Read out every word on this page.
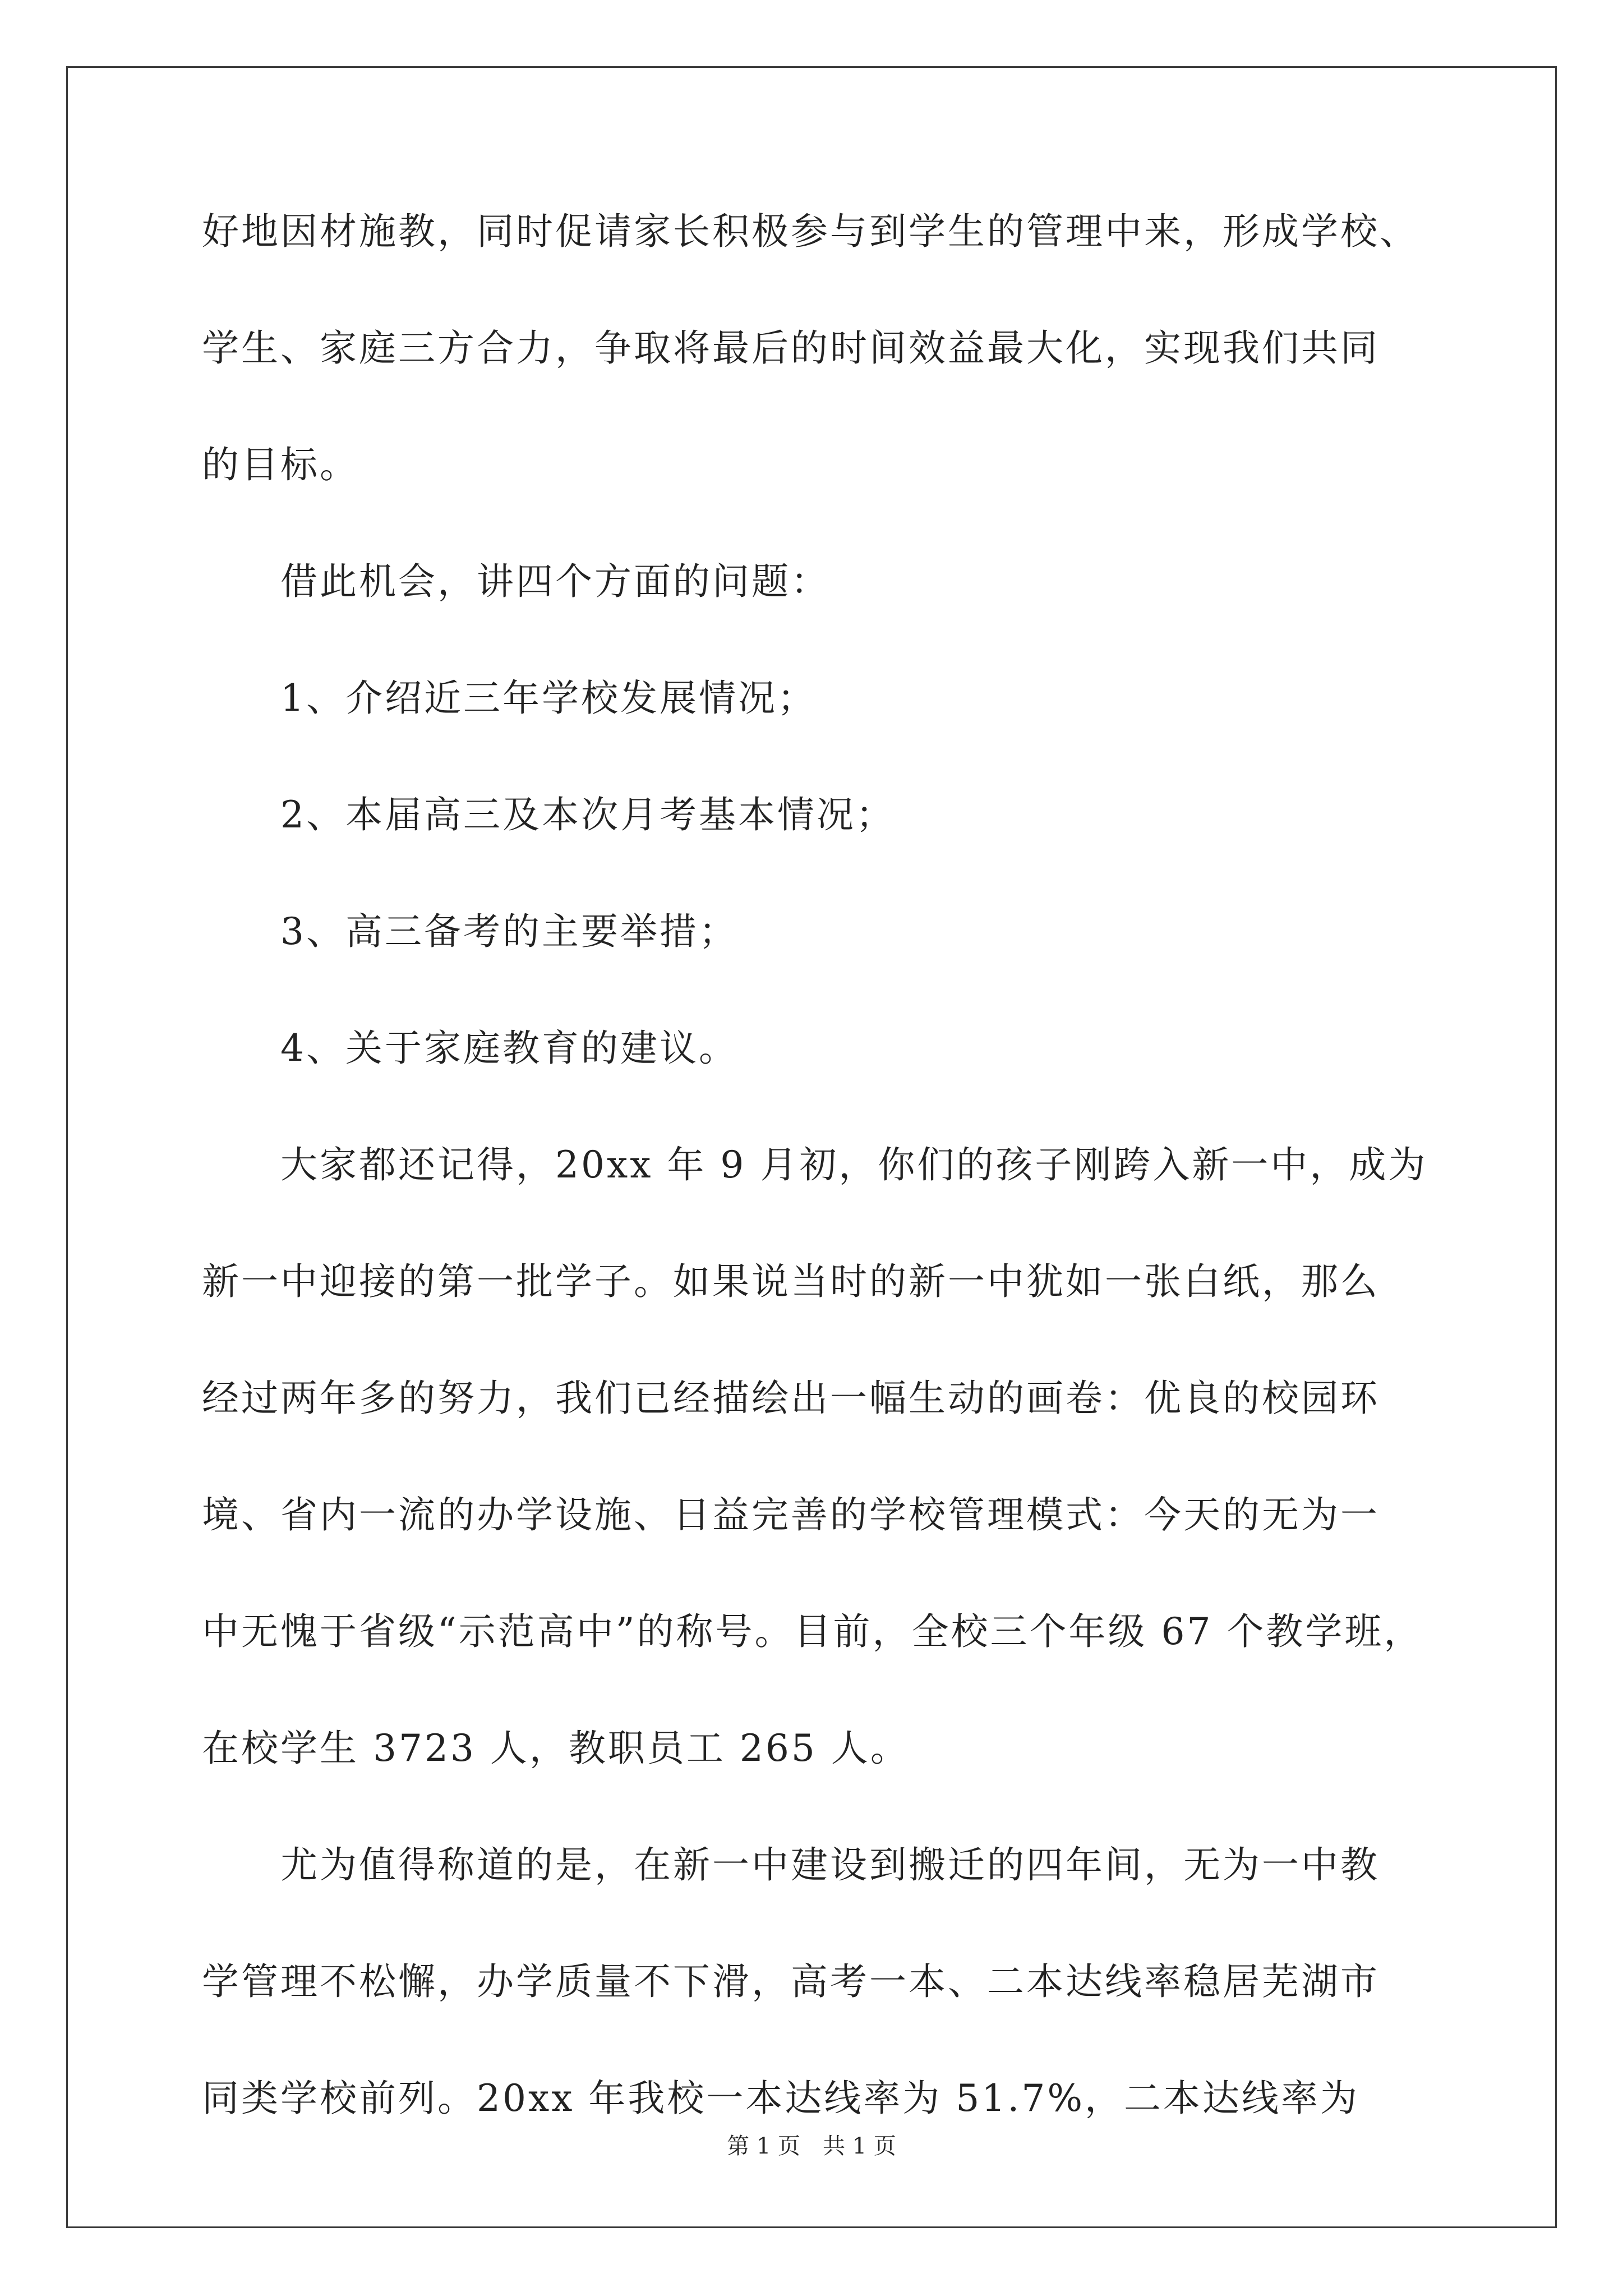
好地因材施教，同时促请家长积极参与到学生的管理中来，形成学校、
学生、家庭三方合力，争取将最后的时间效益最大化，实现我们共同
的目标。
借此机会，讲四个方面的问题：
1、介绍近三年学校发展情况；
2、本届高三及本次月考基本情况；
3、高三备考的主要举措；
4、关于家庭教育的建议。
大家都还记得，20xx 年 9 月初，你们的孩子刚跨入新一中，成为
新一中迎接的第一批学子。如果说当时的新一中犹如一张白纸，那么
经过两年多的努力，我们已经描绘出一幅生动的画卷：优良的校园环
境、省内一流的办学设施、日益完善的学校管理模式：今天的无为一
中无愧于省级“示范高中”的称号。目前，全校三个年级 67 个教学班，
在校学生 3723 人，教职员工 265 人。
尤为值得称道的是，在新一中建设到搬迁的四年间，无为一中教
学管理不松懈，办学质量不下滑，高考一本、二本达线率稳居芜湖市
同类学校前列。20xx 年我校一本达线率为 51.7%，二本达线率为
第 1 页　共 1 页
